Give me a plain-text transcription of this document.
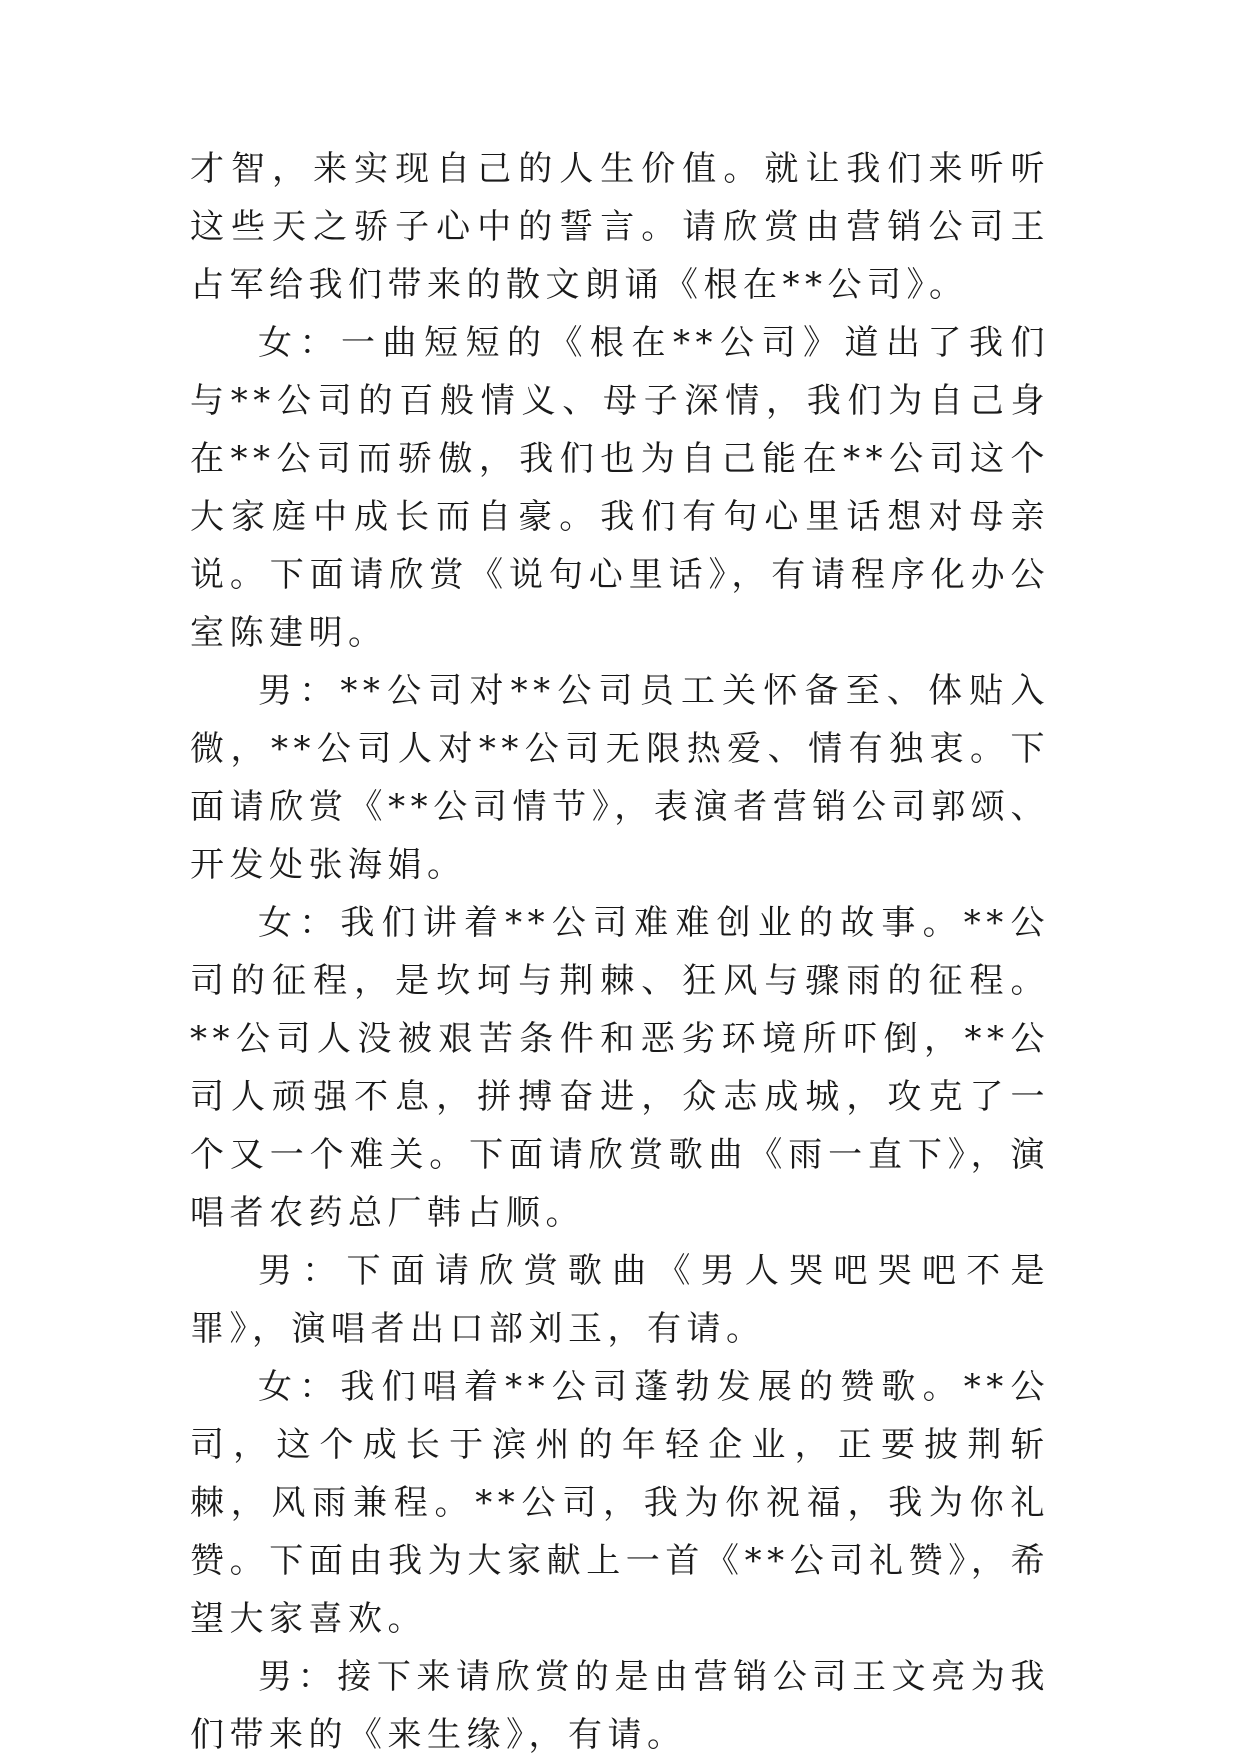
才智，来实现自己的人生价值。就让我们来听听这些天之骄子心中的誓言。请欣赏由营销公司王占军给我们带来的散文朗诵《根在**公司》。

女：一曲短短的《根在**公司》道出了我们与**公司的百般情义、母子深情，我们为自己身在**公司而骄傲，我们也为自己能在**公司这个大家庭中成长而自豪。我们有句心里话想对母亲说。下面请欣赏《说句心里话》，有请程序化办公室陈建明。

男：**公司对**公司员工关怀备至、体贴入微，**公司人对**公司无限热爱、情有独衷。下面请欣赏《**公司情节》，表演者营销公司郭颂、开发处张海娟。

女：我们讲着**公司难难创业的故事。**公司的征程，是坎坷与荆棘、狂风与骤雨的征程。**公司人没被艰苦条件和恶劣环境所吓倒，**公司人顽强不息，拼搏奋进，众志成城，攻克了一个又一个难关。下面请欣赏歌曲《雨一直下》，演唱者农药总厂韩占顺。

男：下面请欣赏歌曲《男人哭吧哭吧不是罪》，演唱者出口部刘玉，有请。

女：我们唱着**公司蓬勃发展的赞歌。**公司，这个成长于滨州的年轻企业，正要披荆斩棘，风雨兼程。**公司，我为你祝福，我为你礼赞。下面由我为大家献上一首《**公司礼赞》，希望大家喜欢。

男：接下来请欣赏的是由营销公司王文亮为我们带来的《来生缘》，有请。
